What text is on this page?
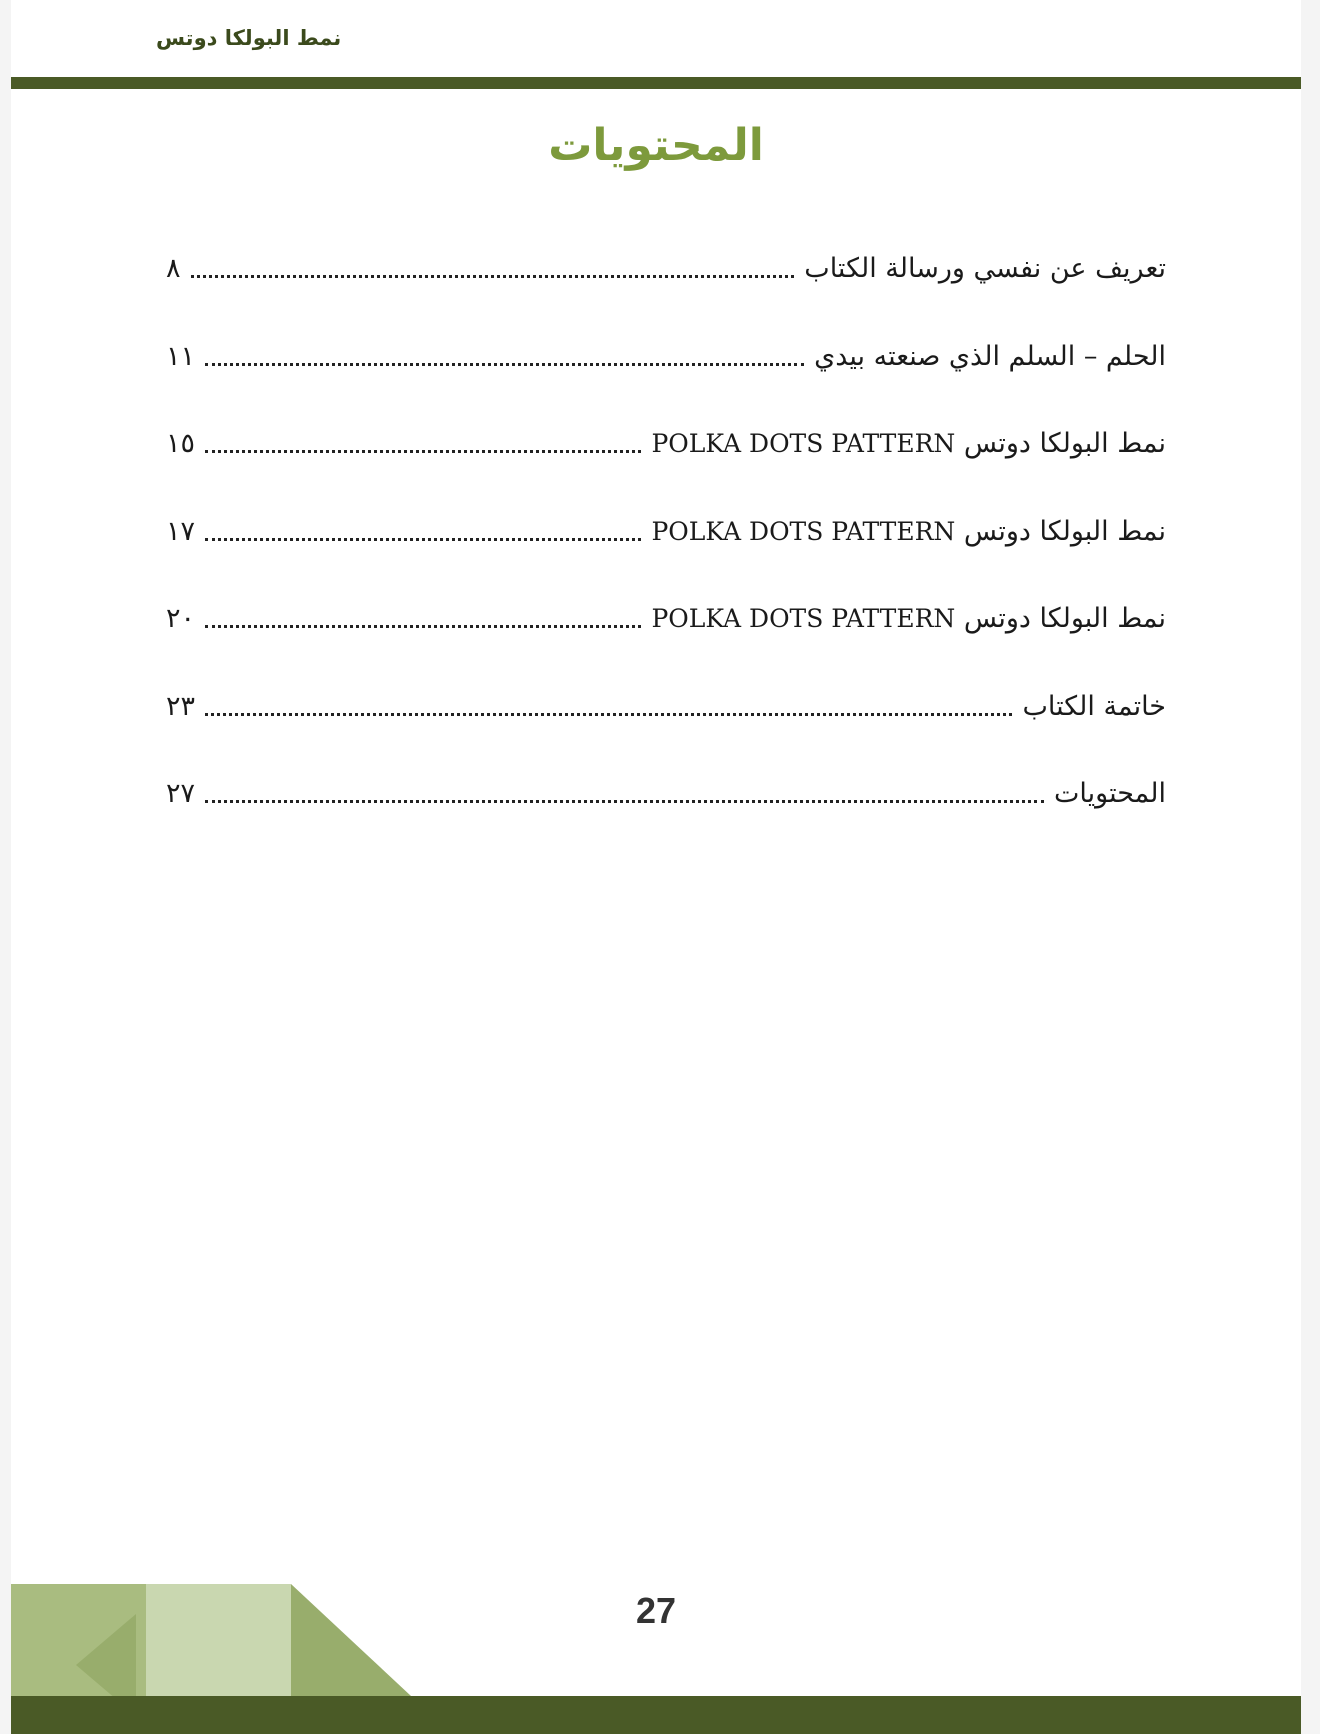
نمط البولكا دوتس
المحتويات
تعريف عن نفسي ورسالة الكتاب
٨
الحلم – السلم الذي صنعته بيدي
١١
نمط البولكا دوتس POLKA DOTS PATTERN
١٥
نمط البولكا دوتس POLKA DOTS PATTERN
١٧
نمط البولكا دوتس POLKA DOTS PATTERN
٢٠
خاتمة الكتاب
٢٣
المحتويات
٢٧
27
